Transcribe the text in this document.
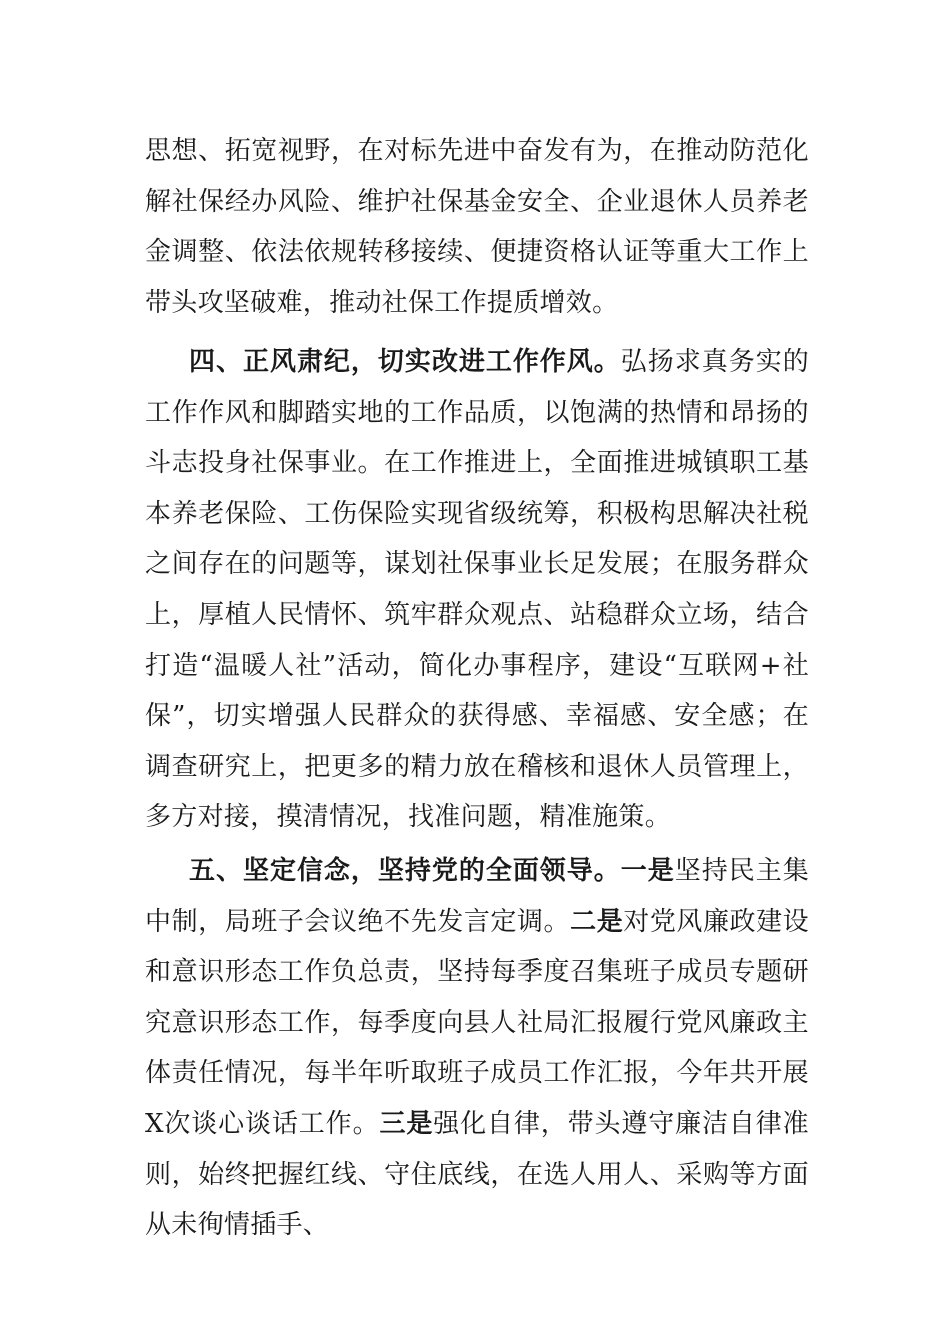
思想、拓宽视野，在对标先进中奋发有为，在推动防范化解社保经办风险、维护社保基金安全、企业退休人员养老金调整、依法依规转移接续、便捷资格认证等重大工作上带头攻坚破难，推动社保工作提质增效。

四、正风肃纪，切实改进工作作风。弘扬求真务实的工作作风和脚踏实地的工作品质，以饱满的热情和昂扬的斗志投身社保事业。在工作推进上，全面推进城镇职工基本养老保险、工伤保险实现省级统筹，积极构思解决社税之间存在的问题等，谋划社保事业长足发展；在服务群众上，厚植人民情怀、筑牢群众观点、站稳群众立场，结合打造“温暖人社”活动，简化办事程序，建设“互联网+社保”，切实增强人民群众的获得感、幸福感、安全感；在调查研究上，把更多的精力放在稽核和退休人员管理上，多方对接，摸清情况，找准问题，精准施策。

五、坚定信念，坚持党的全面领导。一是坚持民主集中制，局班子会议绝不先发言定调。二是对党风廉政建设和意识形态工作负总责，坚持每季度召集班子成员专题研究意识形态工作，每季度向县人社局汇报履行党风廉政主体责任情况，每半年听取班子成员工作汇报，今年共开展Ⅹ次谈心谈话工作。三是强化自律，带头遵守廉洁自律准则，始终把握红线、守住底线，在选人用人、采购等方面从未徇情插手、
